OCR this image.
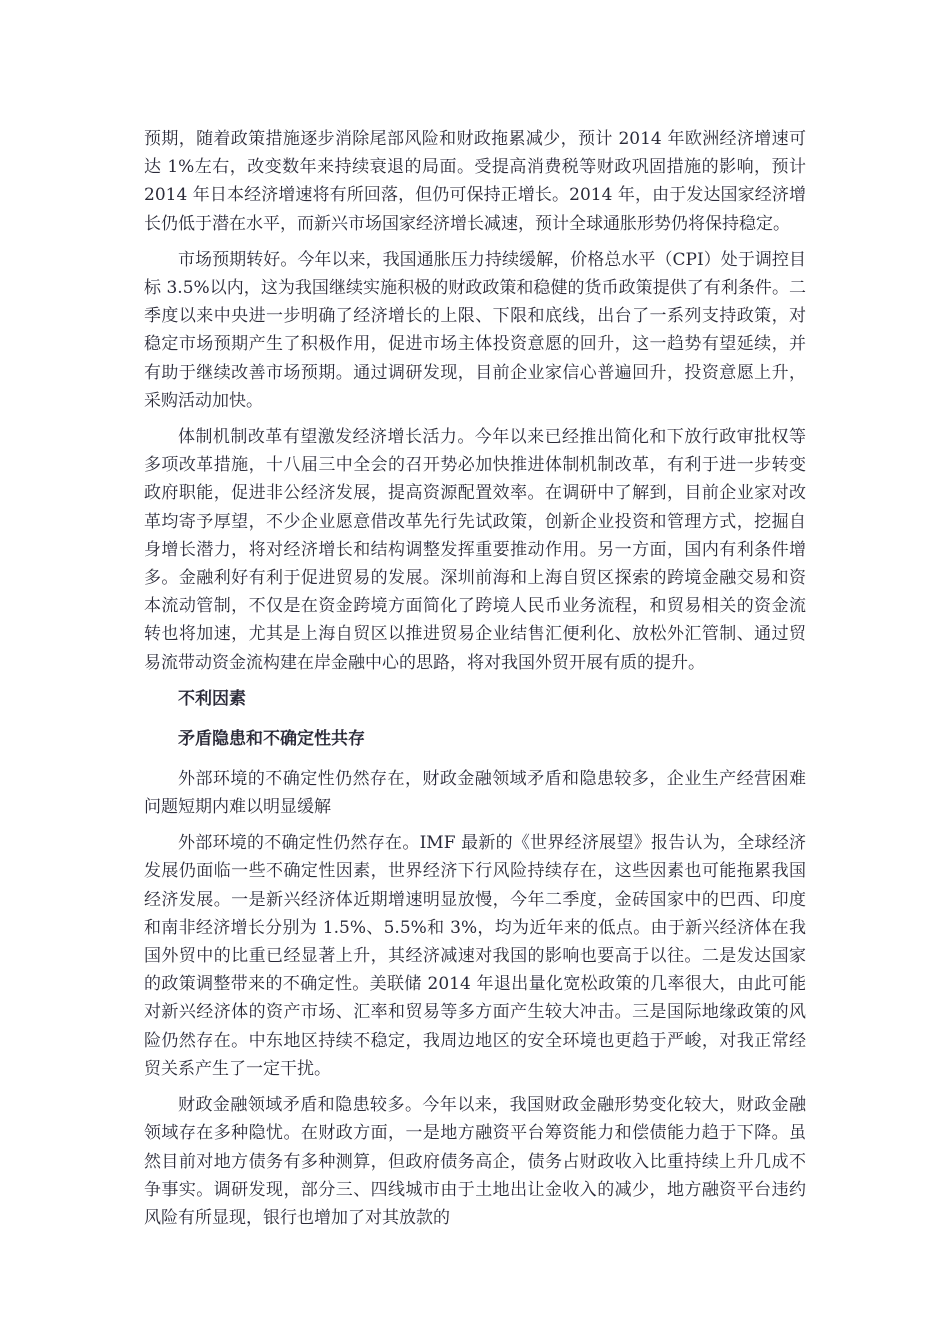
预期，随着政策措施逐步消除尾部风险和财政拖累减少，预计 2014 年欧洲经济增速可达 1%左右，改变数年来持续衰退的局面。受提高消费税等财政巩固措施的影响，预计 2014 年日本经济增速将有所回落，但仍可保持正增长。2014 年，由于发达国家经济增长仍低于潜在水平，而新兴市场国家经济增长减速，预计全球通胀形势仍将保持稳定。

市场预期转好。今年以来，我国通胀压力持续缓解，价格总水平（CPI）处于调控目标 3.5%以内，这为我国继续实施积极的财政政策和稳健的货币政策提供了有利条件。二季度以来中央进一步明确了经济增长的上限、下限和底线，出台了一系列支持政策，对稳定市场预期产生了积极作用，促进市场主体投资意愿的回升，这一趋势有望延续，并有助于继续改善市场预期。通过调研发现，目前企业家信心普遍回升，投资意愿上升，采购活动加快。

体制机制改革有望激发经济增长活力。今年以来已经推出简化和下放行政审批权等多项改革措施，十八届三中全会的召开势必加快推进体制机制改革，有利于进一步转变政府职能，促进非公经济发展，提高资源配置效率。在调研中了解到，目前企业家对改革均寄予厚望，不少企业愿意借改革先行先试政策，创新企业投资和管理方式，挖掘自身增长潜力，将对经济增长和结构调整发挥重要推动作用。另一方面，国内有利条件增多。金融利好有利于促进贸易的发展。深圳前海和上海自贸区探索的跨境金融交易和资本流动管制，不仅是在资金跨境方面简化了跨境人民币业务流程，和贸易相关的资金流转也将加速，尤其是上海自贸区以推进贸易企业结售汇便利化、放松外汇管制、通过贸易流带动资金流构建在岸金融中心的思路，将对我国外贸开展有质的提升。

不利因素
矛盾隐患和不确定性共存

外部环境的不确定性仍然存在，财政金融领域矛盾和隐患较多，企业生产经营困难问题短期内难以明显缓解

外部环境的不确定性仍然存在。IMF 最新的《世界经济展望》报告认为，全球经济发展仍面临一些不确定性因素，世界经济下行风险持续存在，这些因素也可能拖累我国经济发展。一是新兴经济体近期增速明显放慢，今年二季度，金砖国家中的巴西、印度和南非经济增长分别为 1.5%、5.5%和 3%，均为近年来的低点。由于新兴经济体在我国外贸中的比重已经显著上升，其经济减速对我国的影响也要高于以往。二是发达国家的政策调整带来的不确定性。美联储 2014 年退出量化宽松政策的几率很大，由此可能对新兴经济体的资产市场、汇率和贸易等多方面产生较大冲击。三是国际地缘政策的风险仍然存在。中东地区持续不稳定，我周边地区的安全环境也更趋于严峻，对我正常经贸关系产生了一定干扰。

财政金融领域矛盾和隐患较多。今年以来，我国财政金融形势变化较大，财政金融领域存在多种隐忧。在财政方面，一是地方融资平台筹资能力和偿债能力趋于下降。虽然目前对地方债务有多种测算，但政府债务高企，债务占财政收入比重持续上升几成不争事实。调研发现，部分三、四线城市由于土地出让金收入的减少，地方融资平台违约风险有所显现，银行也增加了对其放款的
